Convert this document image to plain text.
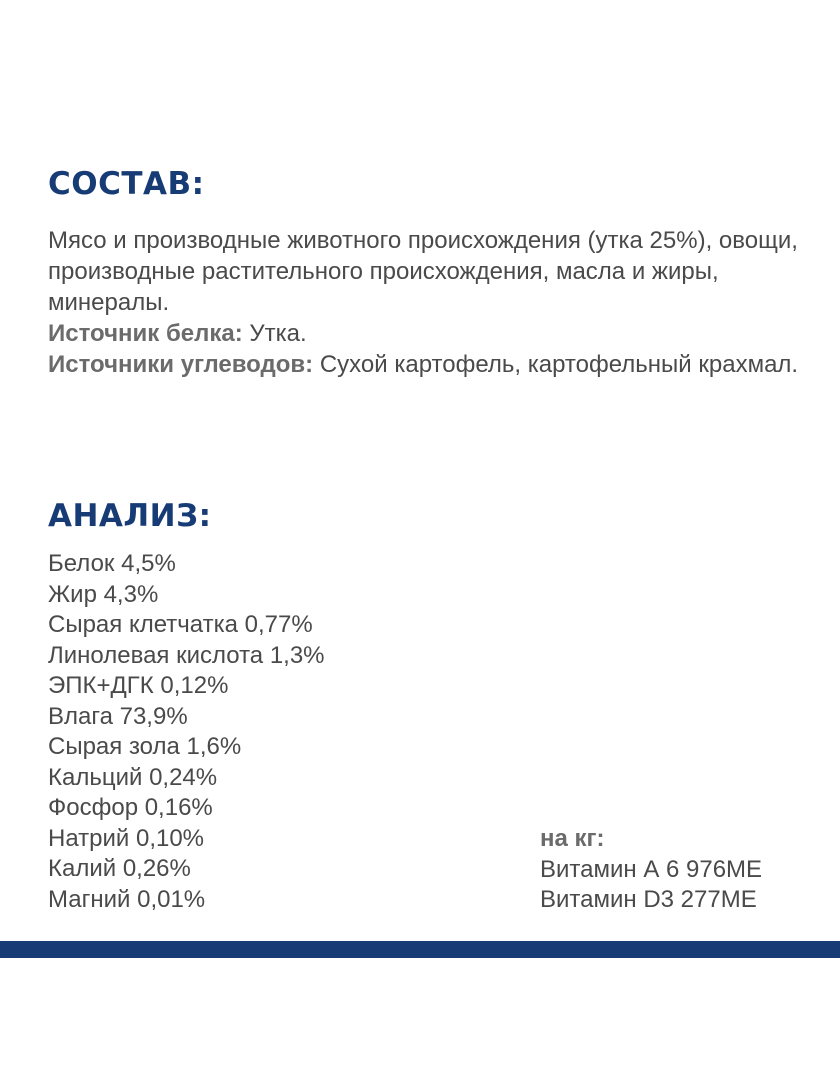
СОСТАВ:

Мясо и производные животного происхождения (утка 25%), овощи, производные растительного происхождения, масла и жиры, минералы.
Источник белка: Утка.
Источники углеводов: Сухой картофель, картофельный крахмал.

АНАЛИЗ:
Белок 4,5%
Жир 4,3%
Сырая клетчатка 0,77%
Линолевая кислота 1,3%
ЭПК+ДГК 0,12%
Влага 73,9%
Сырая зола 1,6%
Кальций 0,24%
Фосфор 0,16%
Натрий 0,10%
Калий 0,26%
Магний 0,01%
на кг:
Витамин А 6 976МЕ
Витамин D3 277МЕ
